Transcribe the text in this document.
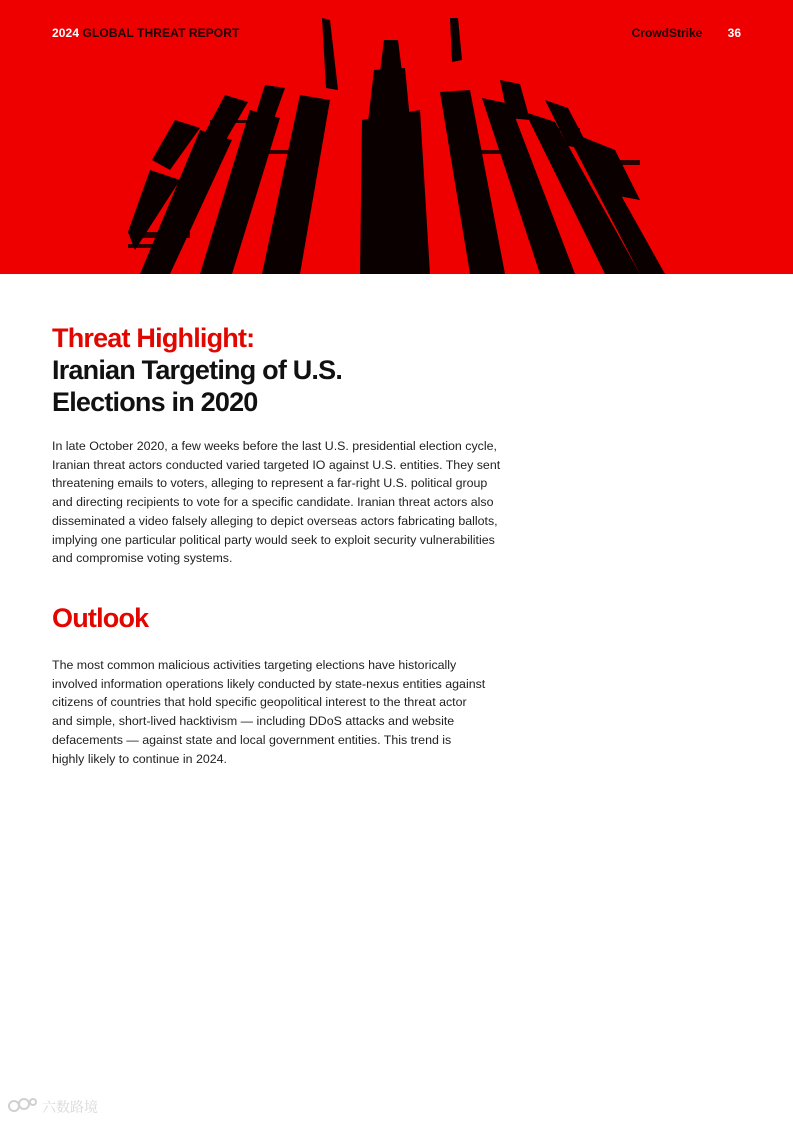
2024 GLOBAL THREAT REPORT	CrowdStrike 36
Threat Highlight:
Iranian Targeting of U.S.
Elections in 2020

In late October 2020, a few weeks before the last U.S. presidential election cycle,

Iranian threat actors conducted varied targeted IO against U.S. entities. They sent

threatening emails to voters, alleging to represent a far-right U.S. political group

and directing recipients to vote for a specific candidate. Iranian threat actors also

disseminated a video falsely alleging to depict overseas actors fabricating ballots,

implying one particular political party would seek to exploit security vulnerabilities

and compromise voting systems.

Outlook

The most common malicious activities targeting elections have historically

involved information operations likely conducted by state-nexus entities against

citizens of countries that hold specific geopolitical interest to the threat actor

and simple, short-lived hacktivism — including DDoS attacks and website

defacements — against state and local government entities. This trend is

highly likely to continue in 2024.

六数路境
